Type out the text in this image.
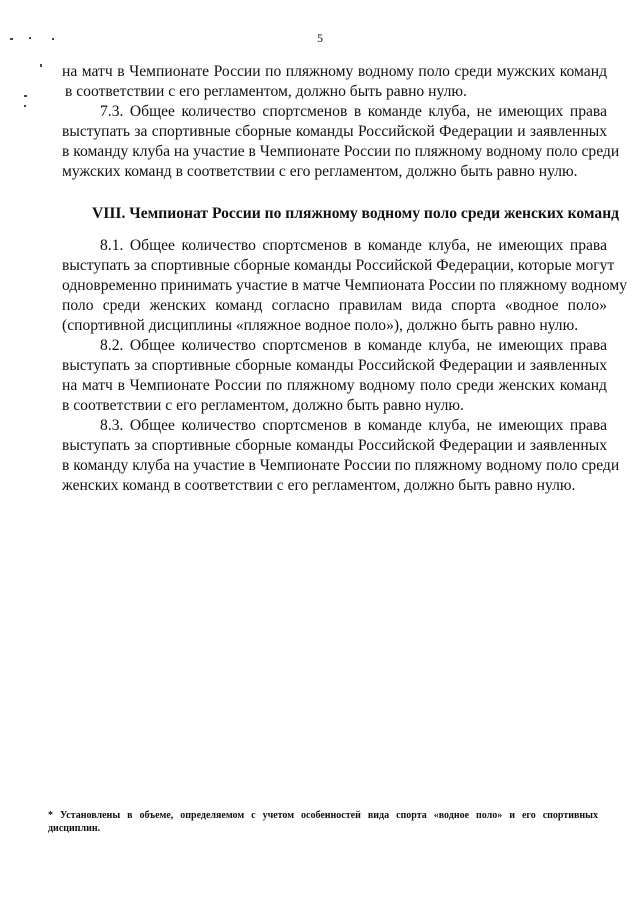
5
на матч в Чемпионате России по пляжному водному поло среди мужских команд
в соответствии с его регламентом, должно быть равно нулю.
7.3. Общее количество спортсменов в команде клуба, не имеющих права
выступать за спортивные сборные команды Российской Федерации и заявленных
в команду клуба на участие в Чемпионате России по пляжному водному поло среди
мужских команд в соответствии с его регламентом, должно быть равно нулю.
VIII. Чемпионат России по пляжному водному поло среди женских команд
8.1. Общее количество спортсменов в команде клуба, не имеющих права
выступать за спортивные сборные команды Российской Федерации, которые могут
одновременно принимать участие в матче Чемпионата России по пляжному водному
поло среди женских команд согласно правилам вида спорта «водное поло»
(спортивной дисциплины «пляжное водное поло»), должно быть равно нулю.
8.2. Общее количество спортсменов в команде клуба, не имеющих права
выступать за спортивные сборные команды Российской Федерации и заявленных
на матч в Чемпионате России по пляжному водному поло среди женских команд
в соответствии с его регламентом, должно быть равно нулю.
8.3. Общее количество спортсменов в команде клуба, не имеющих права
выступать за спортивные сборные команды Российской Федерации и заявленных
в команду клуба на участие в Чемпионате России по пляжному водному поло среди
женских команд в соответствии с его регламентом, должно быть равно нулю.
* Установлены в объеме, определяемом с учетом особенностей вида спорта «водное поло» и его спортивных
дисциплин.
